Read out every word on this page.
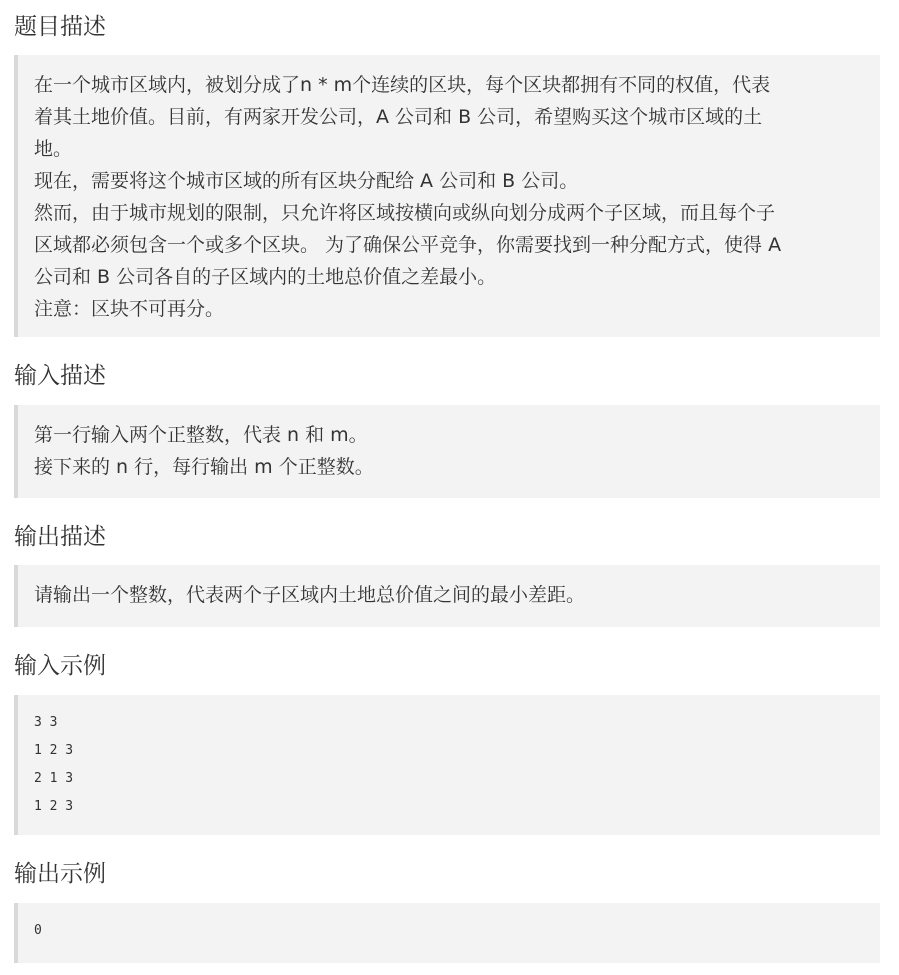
题目描述
在一个城市区域内，被划分成了n * m个连续的区块，每个区块都拥有不同的权值，代表
着其土地价值。目前，有两家开发公司，A 公司和 B 公司，希望购买这个城市区域的土
地。
现在，需要将这个城市区域的所有区块分配给 A 公司和 B 公司。
然而，由于城市规划的限制，只允许将区域按横向或纵向划分成两个子区域，而且每个子
区域都必须包含一个或多个区块。 为了确保公平竞争，你需要找到一种分配方式，使得 A
公司和 B 公司各自的子区域内的土地总价值之差最小。
注意：区块不可再分。
输入描述
第一行输入两个正整数，代表 n 和 m。
接下来的 n 行，每行输出 m 个正整数。
输出描述
请输出一个整数，代表两个子区域内土地总价值之间的最小差距。
输入示例
3 3
1 2 3
2 1 3
1 2 3
输出示例
0
